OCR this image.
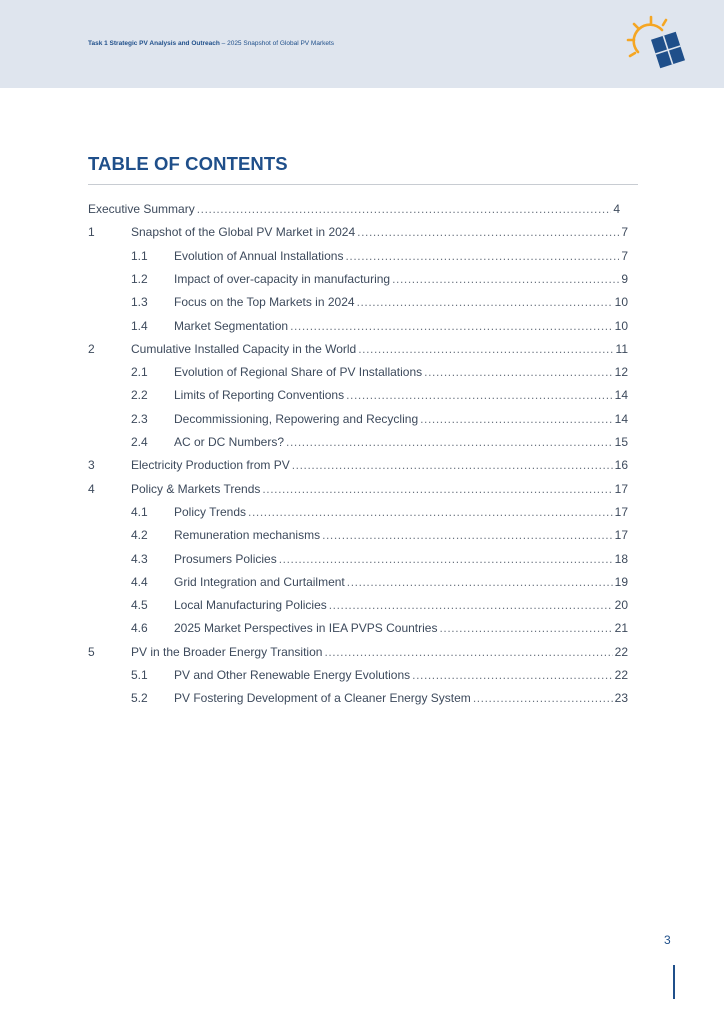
Task 1 Strategic PV Analysis and Outreach – 2025 Snapshot of Global PV Markets
TABLE OF CONTENTS
Executive Summary .....	4
1	Snapshot of the Global PV Market in 2024 .....	7
1.1	Evolution of Annual Installations .....	7
1.2	Impact of over-capacity in manufacturing .....	9
1.3	Focus on the Top Markets in 2024 .....	10
1.4	Market Segmentation .....	10
2	Cumulative Installed Capacity in the World .....	11
2.1	Evolution of Regional Share of PV Installations .....	12
2.2	Limits of Reporting Conventions .....	14
2.3	Decommissioning, Repowering and Recycling .....	14
2.4	AC or DC Numbers? .....	15
3	Electricity Production from PV .....	16
4	Policy & Markets Trends .....	17
4.1	Policy Trends .....	17
4.2	Remuneration mechanisms .....	17
4.3	Prosumers Policies .....	18
4.4	Grid Integration and Curtailment .....	19
4.5	Local Manufacturing Policies .....	20
4.6	2025 Market Perspectives in IEA PVPS Countries .....	21
5	PV in the Broader Energy Transition .....	22
5.1	PV and Other Renewable Energy Evolutions .....	22
5.2	PV Fostering Development of a Cleaner Energy System .....	23
3
